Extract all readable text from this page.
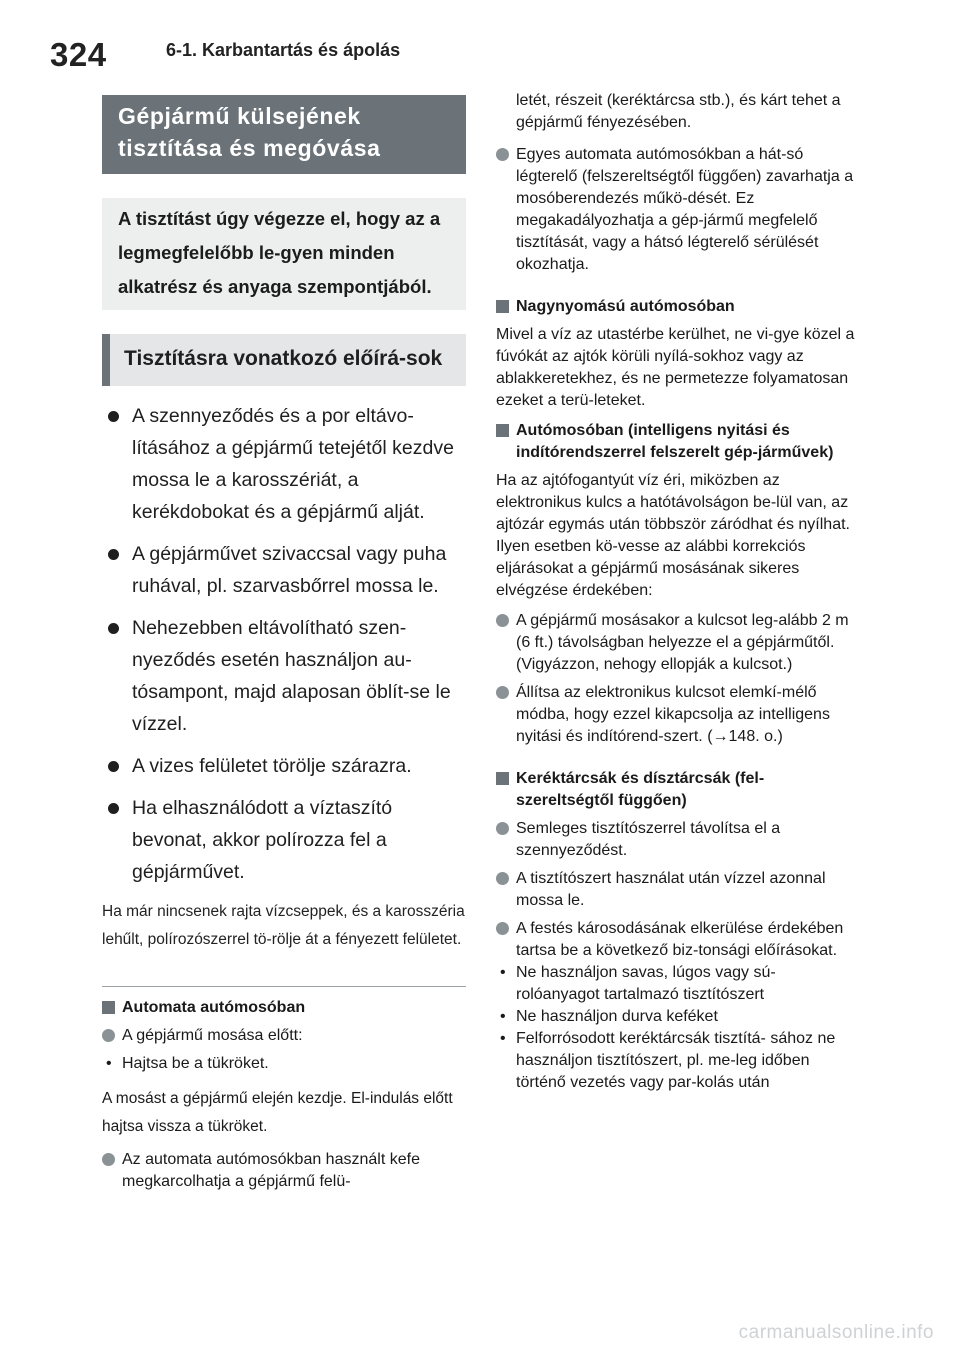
324	6-1. Karbantartás és ápolás
Gépjármű külsejének tisztítása és megóvása
A tisztítást úgy végezze el, hogy az a legmegfelelőbb le-gyen minden alkatrész és anyaga szempontjából.
Tisztításra vonatkozó előírá-sok
A szennyeződés és a por eltávo-lításához a gépjármű tetejétől kezdve mossa le a karosszériát, a kerékdobokat és a gépjármű alját.
A gépjárművet szivaccsal vagy puha ruhával, pl. szarvasbőrrel mossa le.
Nehezebben eltávolítható szen-nyeződés esetén használjon au-tósampont, majd alaposan öblít-se le vízzel.
A vizes felületet törölje szárazra.
Ha elhasználódott a víztaszító bevonat, akkor polírozza fel a gépjárművet.
Ha már nincsenek rajta vízcseppek, és a karosszéria lehűlt, polírozószerrel tö-rölje át a fényezett felületet.
Automata autómosóban
A gépjármű mosása előtt:
• Hajtsa be a tükröket.
A mosást a gépjármű elején kezdje. El-indulás előtt hajtsa vissza a tükröket.
Az automata autómosókban használt kefe megkarcolhatja a gépjármű felü-
letét, részeit (keréktárcsa stb.), és kárt tehet a gépjármű fényezésében.
Egyes automata autómosókban a hát-só légterelő (felszereltségtől függően) zavarhatja a mosóberendezés műkö-dését. Ez megakadályozhatja a gép-jármű megfelelő tisztítását, vagy a hátsó légterelő sérülését okozhatja.
Nagynyomású autómosóban
Mivel a víz az utastérbe kerülhet, ne vi-gye közel a fúvókát az ajtók körüli nyílá-sokhoz vagy az ablakkeretekhez, és ne permetezze folyamatosan ezeket a terü-leteket.
Autómosóban (intelligens nyitási és indítórendszerrel felszerelt gép-járművek)
Ha az ajtófogantyút víz éri, miközben az elektronikus kulcs a hatótávolságon be-lül van, az ajtózár egymás után többször záródhat és nyílhat. Ilyen esetben kö-vesse az alábbi korrekciós eljárásokat a gépjármű mosásának sikeres elvégzése érdekében:
A gépjármű mosásakor a kulcsot leg-alább 2 m (6 ft.) távolságban helyezze el a gépjárműtől. (Vigyázzon, nehogy ellopják a kulcsot.)
Állítsa az elektronikus kulcsot elemkí-mélő módba, hogy ezzel kikapcsolja az intelligens nyitási és indítórend-szert. (→148. o.)
Keréktárcsák és dísztárcsák (fel-szereltségtől függően)
Semleges tisztítószerrel távolítsa el a szennyeződést.
A tisztítószert használat után vízzel azonnal mossa le.
A festés károsodásának elkerülése érdekében tartsa be a következő biz-tonsági előírásokat.
• Ne használjon savas, lúgos vagy sú-rolóanyagot tartalmazó tisztítószert
• Ne használjon durva keféket
• Felforrósodott keréktárcsák tisztítá- sához ne használjon tisztítószert, pl. me-leg időben történő vezetés vagy par-kolás után
carmanualsonline.info
